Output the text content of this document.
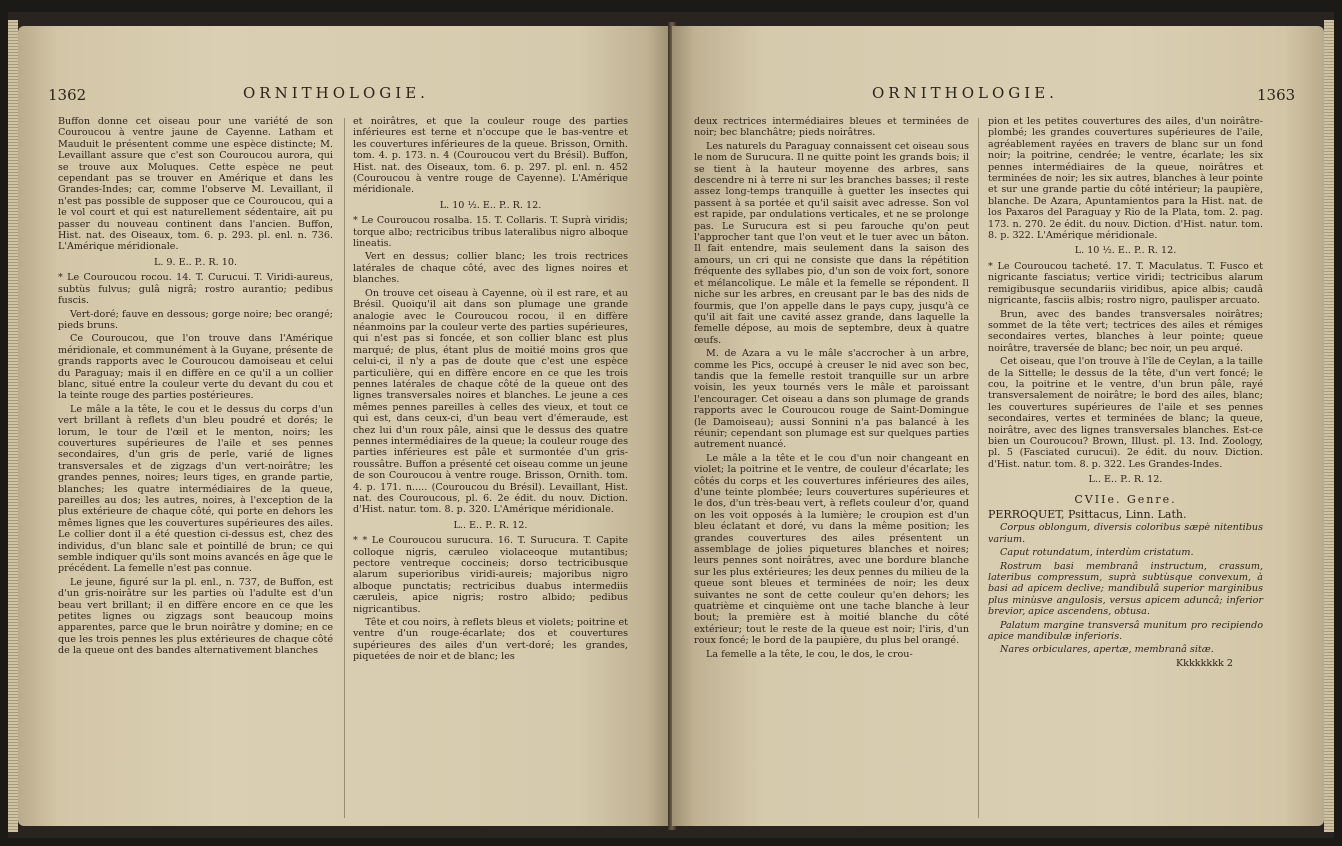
1362	ORNITHOLOGIE.

Buffon donne cet oiseau pour une variété de son Couroucou à ventre jaune de Cayenne. Latham et Mauduit le présentent comme une espèce distincte; M. Levaillant assure que c'est son Couroucou aurora, qui se trouve aux Moluques. Cette espèce ne peut cependant pas se trouver en Amérique et dans les Grandes-Indes; car, comme l'observe M. Levaillant, il n'est pas possible de supposer que ce Couroucou, qui a le vol court et qui est naturellement sédentaire, ait pu passer du nouveau continent dans l'ancien. Buffon, Hist. nat. des Oiseaux, tom. 6. p. 293. pl. enl. n. 736. L'Amérique méridionale.

L. 9. E.. P.. R. 10.

* Le Couroucou rocou. 14. T. Curucui. T. Viridi-aureus, subtùs fulvus; gulâ nigrâ; rostro aurantio; pedibus fuscis.

Vert-doré; fauve en dessous; gorge noire; bec orangé; pieds bruns.

Ce Couroucou, que l'on trouve dans l'Amérique méridionale, et communément à la Guyane, présente de grands rapports avec le Couroucou damoiseau et celui du Paraguay; mais il en diffère en ce qu'il a un collier blanc, situé entre la couleur verte du devant du cou et la teinte rouge des parties postérieures.

Le mâle a la tête, le cou et le dessus du corps d'un vert brillant à reflets d'un bleu poudré et dorés; le lorum, le tour de l'œil et le menton, noirs; les couvertures supérieures de l'aile et ses pennes secondaires, d'un gris de perle, varié de lignes transversales et de zigzags d'un vert-noirâtre; les grandes pennes, noires; leurs tiges, en grande partie, blanches; les quatre intermédiaires de la queue, pareilles au dos; les autres, noires, à l'exception de la plus extérieure de chaque côté, qui porte en dehors les mêmes lignes que les couvertures supérieures des ailes. Le collier dont il a été question ci-dessus est, chez des individus, d'un blanc sale et pointillé de brun; ce qui semble indiquer qu'ils sont moins avancés en âge que le précédent. La femelle n'est pas connue.

Le jeune, figuré sur la pl. enl., n. 737, de Buffon, est d'un gris-noirâtre sur les parties où l'adulte est d'un beau vert brillant; il en diffère encore en ce que les petites lignes ou zigzags sont beaucoup moins apparentes, parce que le brun noirâtre y domine; en ce que les trois pennes les plus extérieures de chaque côté de la queue ont des bandes alternativement blanches

et noirâtres, et que la couleur rouge des parties inférieures est terne et n'occupe que le bas-ventre et les couvertures inférieures de la queue. Brisson, Ornith. tom. 4. p. 173. n. 4 (Couroucou vert du Brésil). Buffon, Hist. nat. des Oiseaux, tom. 6. p. 297. pl. enl. n. 452 (Couroucou à ventre rouge de Cayenne). L'Amérique méridionale.

L. 10 ½. E.. P.. R. 12.

* Le Couroucou rosalba. 15. T. Collaris. T. Suprà viridis; torque albo; rectricibus tribus lateralibus nigro alboque lineatis.

Vert en dessus; collier blanc; les trois rectrices latérales de chaque côté, avec des lignes noires et blanches.

On trouve cet oiseau à Cayenne, où il est rare, et au Brésil. Quoiqu'il ait dans son plumage une grande analogie avec le Couroucou rocou, il en diffère néanmoins par la couleur verte des parties supérieures, qui n'est pas si foncée, et son collier blanc est plus marqué; de plus, étant plus de moitié moins gros que celui-ci, il n'y a pas de doute que c'est une espèce particulière, qui en diffère encore en ce que les trois pennes latérales de chaque côté de la queue ont des lignes transversales noires et blanches. Le jeune a ces mêmes pennes pareilles à celles des vieux, et tout ce qui est, dans ceux-ci, d'un beau vert d'émeraude, est chez lui d'un roux pâle, ainsi que le dessus des quatre pennes intermédiaires de la queue; la couleur rouge des parties inférieures est pâle et surmontée d'un gris-roussâtre. Buffon a présenté cet oiseau comme un jeune de son Couroucou à ventre rouge. Brisson, Ornith. tom. 4. p. 171. n..... (Couroucou du Brésil). Levaillant, Hist. nat. des Couroucous, pl. 6. 2e édit. du nouv. Diction. d'Hist. natur. tom. 8. p. 320. L'Amérique méridionale.

L.. E.. P.. R. 12.

* * Le Couroucou surucura. 16. T. Surucura. T. Capite colloque nigris, cæruleo violaceoque mutantibus; pectore ventreque coccineis; dorso tectricibusque alarum superioribus viridi-aureis; majoribus nigro alboque punctatis; rectricibus duabus intermediis cæruleis, apice nigris; rostro albido; pedibus nigricantibus.

Tête et cou noirs, à reflets bleus et violets; poitrine et ventre d'un rouge-écarlate; dos et couvertures supérieures des ailes d'un vert-doré; les grandes, piquetées de noir et de blanc; les

ORNITHOLOGIE.	1363

deux rectrices intermédiaires bleues et terminées de noir; bec blanchâtre; pieds noirâtres.

Les naturels du Paraguay connaissent cet oiseau sous le nom de Surucura. Il ne quitte point les grands bois; il se tient à la hauteur moyenne des arbres, sans descendre ni à terre ni sur les branches basses; il reste assez long-temps tranquille à guetter les insectes qui passent à sa portée et qu'il saisit avec adresse. Son vol est rapide, par ondulations verticales, et ne se prolonge pas. Le Surucura est si peu farouche qu'on peut l'approcher tant que l'on veut et le tuer avec un bâton. Il fait entendre, mais seulement dans la saison des amours, un cri qui ne consiste que dans la répétition fréquente des syllabes pio, d'un son de voix fort, sonore et mélancolique. Le mâle et la femelle se répondent. Il niche sur les arbres, en creusant par le bas des nids de fourmis, que l'on appelle dans le pays cupy, jusqu'à ce qu'il ait fait une cavité assez grande, dans laquelle la femelle dépose, au mois de septembre, deux à quatre œufs.

M. de Azara a vu le mâle s'accrocher à un arbre, comme les Pics, occupé à creuser le nid avec son bec, tandis que la femelle restoit tranquille sur un arbre voisin, les yeux tournés vers le mâle et paroissant l'encourager. Cet oiseau a dans son plumage de grands rapports avec le Couroucou rouge de Saint-Domingue (le Damoiseau); aussi Sonnini n'a pas balancé à les réunir; cependant son plumage est sur quelques parties autrement nuancé.

Le mâle a la tête et le cou d'un noir changeant en violet; la poitrine et le ventre, de couleur d'écarlate; les côtés du corps et les couvertures inférieures des ailes, d'une teinte plombée; leurs couvertures supérieures et le dos, d'un très-beau vert, à reflets couleur d'or, quand on les voit opposés à la lumière; le croupion est d'un bleu éclatant et doré, vu dans la même position; les grandes couvertures des ailes présentent un assemblage de jolies piquetures blanches et noires; leurs pennes sont noirâtres, avec une bordure blanche sur les plus extérieures; les deux pennes du milieu de la queue sont bleues et terminées de noir; les deux suivantes ne sont de cette couleur qu'en dehors; les quatrième et cinquième ont une tache blanche à leur bout; la première est à moitié blanche du côté extérieur; tout le reste de la queue est noir; l'iris, d'un roux foncé; le bord de la paupière, du plus bel orangé.

La femelle a la tête, le cou, le dos, le crou-

pion et les petites couvertures des ailes, d'un noirâtre-plombé; les grandes couvertures supérieures de l'aile, agréablement rayées en travers de blanc sur un fond noir; la poitrine, cendrée; le ventre, écarlate; les six pennes intermédiaires de la queue, noirâtres et terminées de noir; les six autres, blanches à leur pointe et sur une grande partie du côté intérieur; la paupière, blanche. De Azara, Apuntamientos para la Hist. nat. de los Paxaros del Paraguay y Rio de la Plata, tom. 2. pag. 173. n. 270. 2e édit. du nouv. Diction. d'Hist. natur. tom. 8. p. 322. L'Amérique méridionale.

L. 10 ½. E.. P.. R. 12.

* Le Couroucou tacheté. 17. T. Maculatus. T. Fusco et nigricante fasciatus; vertice viridi; tectricibus alarum remigibusque secundariis viridibus, apice albis; caudâ nigricante, fasciis albis; rostro nigro, paulisper arcuato.

Brun, avec des bandes transversales noirâtres; sommet de la tête vert; tectrices des ailes et rémiges secondaires vertes, blanches à leur pointe; queue noirâtre, traversée de blanc; bec noir, un peu arqué.

Cet oiseau, que l'on trouve à l'île de Ceylan, a la taille de la Sittelle; le dessus de la tête, d'un vert foncé; le cou, la poitrine et le ventre, d'un brun pâle, rayé transversalement de noirâtre; le bord des ailes, blanc; les couvertures supérieures de l'aile et ses pennes secondaires, vertes et terminées de blanc; la queue, noirâtre, avec des lignes transversales blanches. Est-ce bien un Couroucou? Brown, Illust. pl. 13. Ind. Zoology, pl. 5 (Fasciated curucui). 2e édit. du nouv. Diction. d'Hist. natur. tom. 8. p. 322. Les Grandes-Indes.

L.. E.. P.. R. 12.

CVIIe. Genre.

PERROQUET, Psittacus, Linn. Lath.

Corpus oblongum, diversis coloribus sæpè nitentibus varium.

Caput rotundatum, interdùm cristatum.

Rostrum basi membranâ instructum, crassum, lateribus compressum, suprà subtùsque convexum, à basi ad apicem declive; mandibulâ superior marginibus plus minùsve angulosis, versus apicem aduncâ; inferior brevior, apice ascendens, obtusa.

Palatum margine transversâ munitum pro recipiendo apice mandibulæ inferioris.

Nares orbiculares, apertæ, membranâ sitæ.

Kkkkkkkk 2
